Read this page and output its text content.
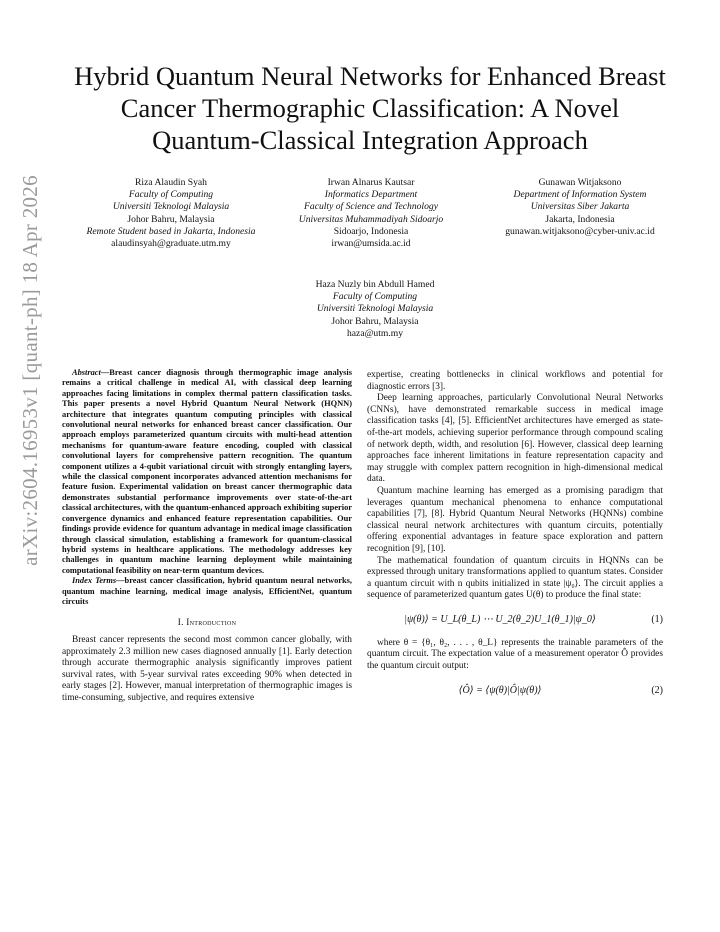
arXiv:2604.16953v1 [quant-ph] 18 Apr 2026
Hybrid Quantum Neural Networks for Enhanced Breast Cancer Thermographic Classification: A Novel Quantum-Classical Integration Approach
Riza Alaudin Syah
Faculty of Computing
Universiti Teknologi Malaysia
Johor Bahru, Malaysia
Remote Student based in Jakarta, Indonesia
alaudinsyah@graduate.utm.my
Irwan Alnarus Kautsar
Informatics Department
Faculty of Science and Technology
Universitas Muhammadiyah Sidoarjo
Sidoarjo, Indonesia
irwan@umsida.ac.id
Gunawan Witjaksono
Department of Information System
Universitas Siber Jakarta
Jakarta, Indonesia
gunawan.witjaksono@cyber-univ.ac.id
Haza Nuzly bin Abdull Hamed
Faculty of Computing
Universiti Teknologi Malaysia
Johor Bahru, Malaysia
haza@utm.my

Abstract—Breast cancer diagnosis through thermographic image analysis remains a critical challenge in medical AI, with classical deep learning approaches facing limitations in complex thermal pattern classification tasks. This paper presents a novel Hybrid Quantum Neural Network (HQNN) architecture that integrates quantum computing principles with classical convolutional neural networks for enhanced breast cancer classification. Our approach employs parameterized quantum circuits with multi-head attention mechanisms for quantum-aware feature encoding, coupled with classical convolutional layers for comprehensive pattern recognition. The quantum component utilizes a 4-qubit variational circuit with strongly entangling layers, while the classical component incorporates advanced attention mechanisms for feature fusion. Experimental validation on breast cancer thermographic data demonstrates substantial performance improvements over state-of-the-art classical architectures, with the quantum-enhanced approach exhibiting superior convergence dynamics and enhanced feature representation capabilities. Our findings provide evidence for quantum advantage in medical image classification through classical simulation, establishing a framework for quantum-classical hybrid systems in healthcare applications. The methodology addresses key challenges in quantum machine learning deployment while maintaining computational feasibility on near-term quantum devices.

Index Terms—breast cancer classification, hybrid quantum neural networks, quantum machine learning, medical image analysis, EfficientNet, quantum circuits

I. Introduction

Breast cancer represents the second most common cancer globally, with approximately 2.3 million new cases diagnosed annually [1]. Early detection through accurate thermographic analysis significantly improves patient survival rates, with 5-year survival rates exceeding 90% when detected in early stages [2]. However, manual interpretation of thermographic images is time-consuming, subjective, and requires extensive

expertise, creating bottlenecks in clinical workflows and potential for diagnostic errors [3].

Deep learning approaches, particularly Convolutional Neural Networks (CNNs), have demonstrated remarkable success in medical image classification tasks [4], [5]. EfficientNet architectures have emerged as state-of-the-art models, achieving superior performance through compound scaling of network depth, width, and resolution [6]. However, classical deep learning approaches face inherent limitations in feature representation capacity and may struggle with complex pattern recognition in high-dimensional medical data.

Quantum machine learning has emerged as a promising paradigm that leverages quantum mechanical phenomena to enhance computational capabilities [7], [8]. Hybrid Quantum Neural Networks (HQNNs) combine classical neural network architectures with quantum circuits, potentially offering exponential advantages in feature space exploration and pattern recognition [9], [10].

The mathematical foundation of quantum circuits in HQNNs can be expressed through unitary transformations applied to quantum states. Consider a quantum circuit with n qubits initialized in state |ψ₀⟩. The circuit applies a sequence of parameterized quantum gates U(θ) to produce the final state:

|ψ(θ)⟩ = U_L(θ_L) ⋯ U_2(θ_2)U_1(θ_1)|ψ_0⟩	(1)

where θ = {θ₁, θ₂, . . . , θ_L} represents the trainable parameters of the quantum circuit. The expectation value of a measurement operator Ô provides the quantum circuit output:

⟨Ô⟩ = ⟨ψ(θ)|Ô|ψ(θ)⟩	(2)
